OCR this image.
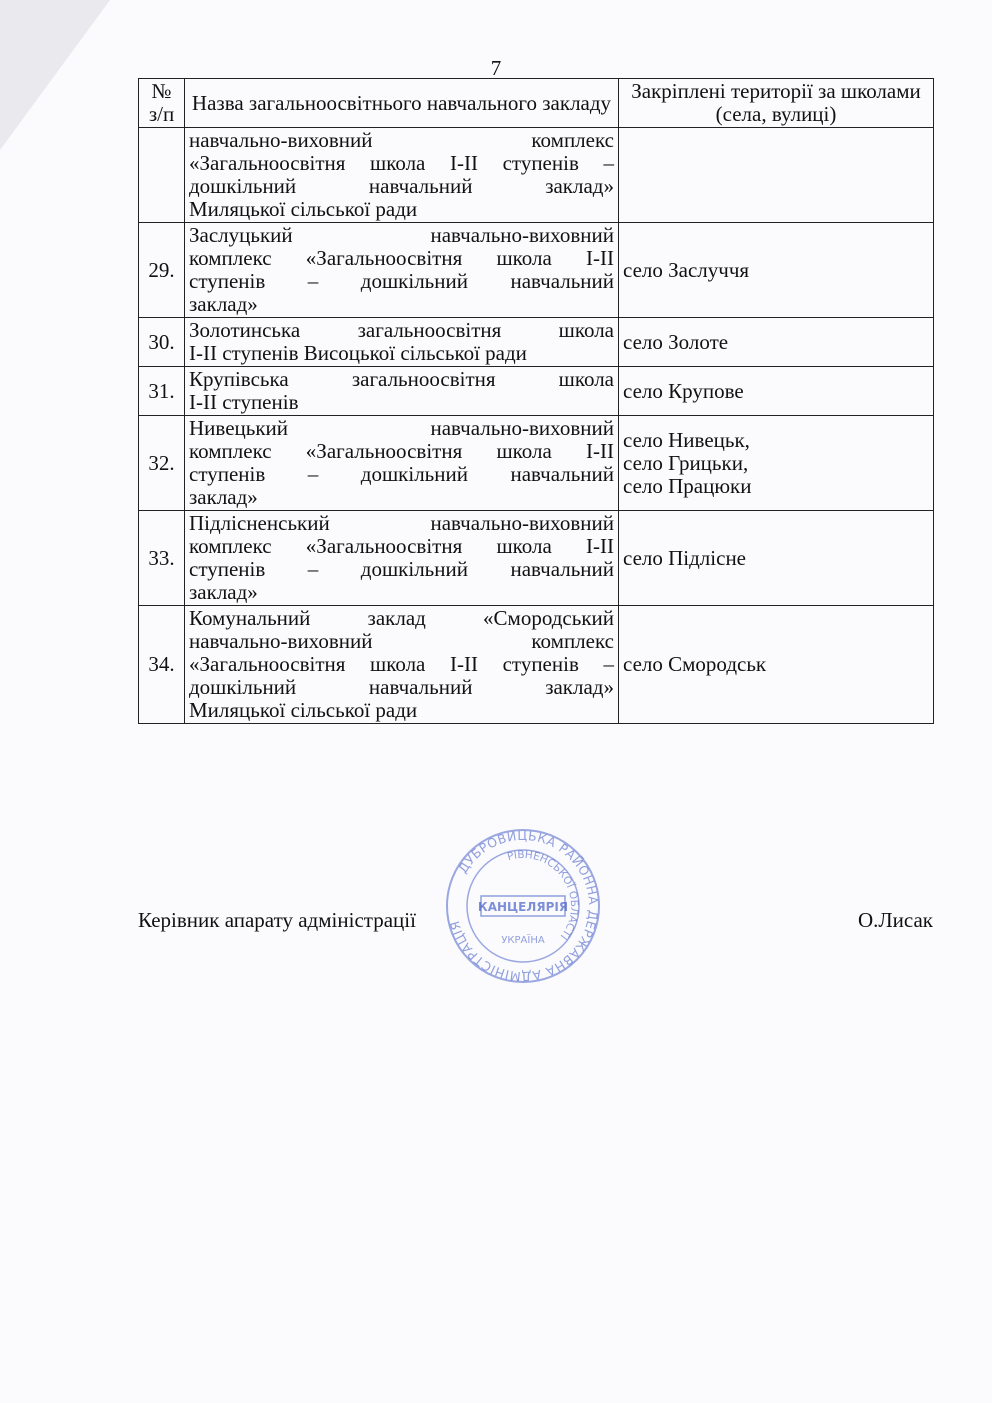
7
№ з/п	Назва загальноосвітнього навчального закладу	Закріплені території за школами (села, вулиці)

	навчально-виховний комплекс
«Загальноосвітня школа І-ІІ ступенів –
дошкільний навчальний заклад»
Миляцької сільської ради	

29.	Заслуцький навчально-виховний
комплекс «Загальноосвітня школа І-ІІ
ступенів – дошкільний навчальний
заклад»	село Заслуччя

30.	Золотинська загальноосвітня школа
І-ІІ ступенів Висоцької сільської ради	село Золоте

31.	Крупівська загальноосвітня школа
І-ІІ ступенів	село Крупове

32.	Нивецький навчально-виховний
комплекс «Загальноосвітня школа І-ІІ
ступенів – дошкільний навчальний
заклад»	село Нивецьк,
село Грицьки,
село Працюки

33.	Підлісненський навчально-виховний
комплекс «Загальноосвітня школа І-ІІ
ступенів – дошкільний навчальний
заклад»	село Підлісне

34.	Комунальний заклад «Смородський
навчально-виховний комплекс
«Загальноосвітня школа І-ІІ ступенів –
дошкільний навчальний заклад»
Миляцької сільської ради	село Смородськ
ДУБРОВИЦЬКА РАЙОННА ДЕРЖАВНА АДМІНІСТРАЦІЯ
РІВНЕНСЬКОЇ ОБЛАСТІ
КАНЦЕЛЯРІЯ
УКРАЇНА
Керівник апарату адміністрації	О.Лисак
